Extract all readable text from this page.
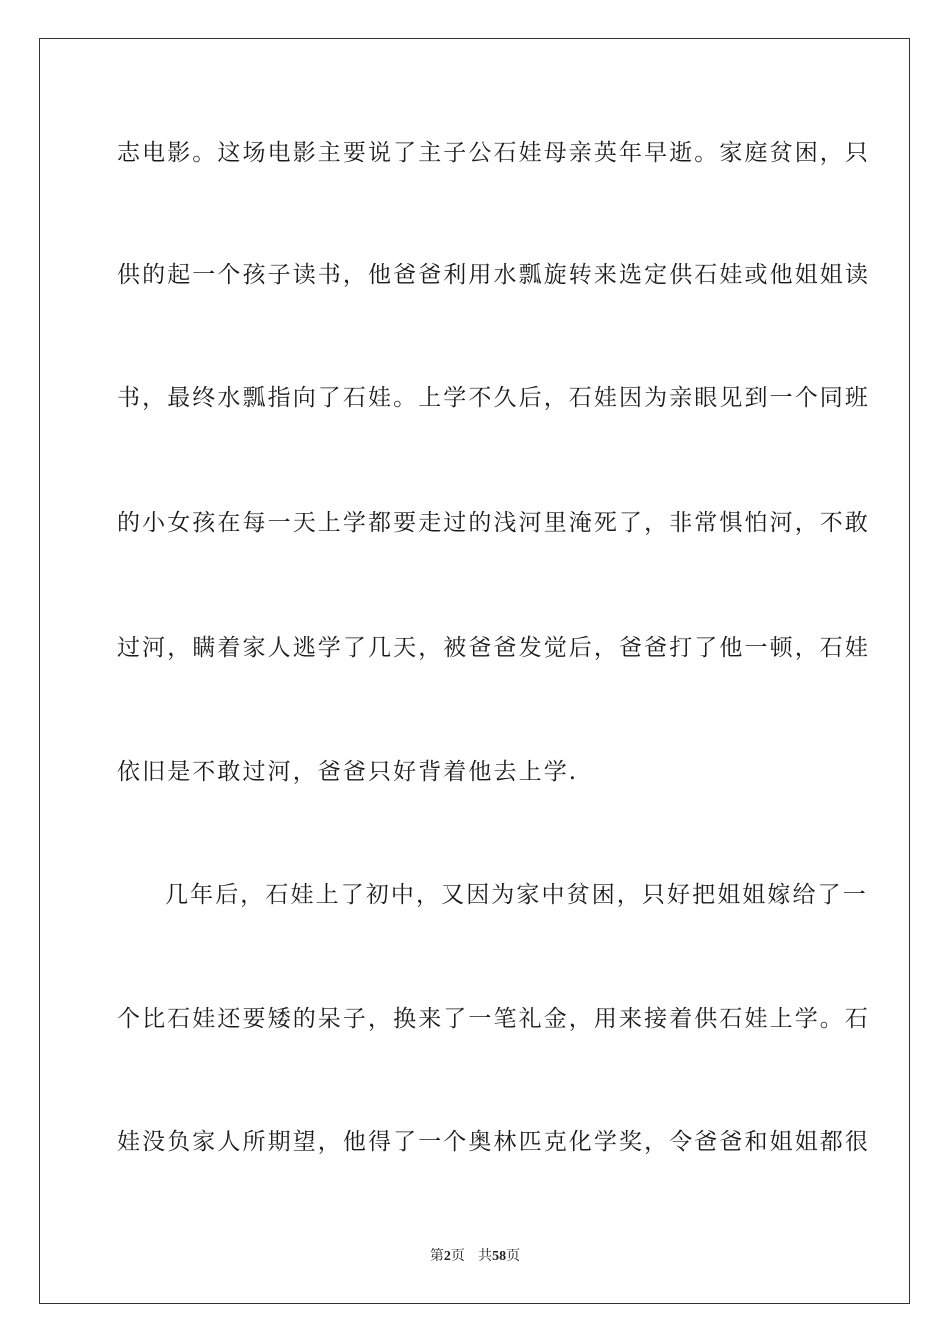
志电影。这场电影主要说了主子公石娃母亲英年早逝。家庭贫困，只
供的起一个孩子读书，他爸爸利用水瓢旋转来选定供石娃或他姐姐读
书，最终水瓢指向了石娃。上学不久后，石娃因为亲眼见到一个同班
的小女孩在每一天上学都要走过的浅河里淹死了，非常惧怕河，不敢
过河，瞒着家人逃学了几天，被爸爸发觉后，爸爸打了他一顿，石娃
依旧是不敢过河，爸爸只好背着他去上学.
几年后，石娃上了初中，又因为家中贫困，只好把姐姐嫁给了一
个比石娃还要矮的呆子，换来了一笔礼金，用来接着供石娃上学。石
娃没负家人所期望，他得了一个奥林匹克化学奖，令爸爸和姐姐都很
第2页 共58页
